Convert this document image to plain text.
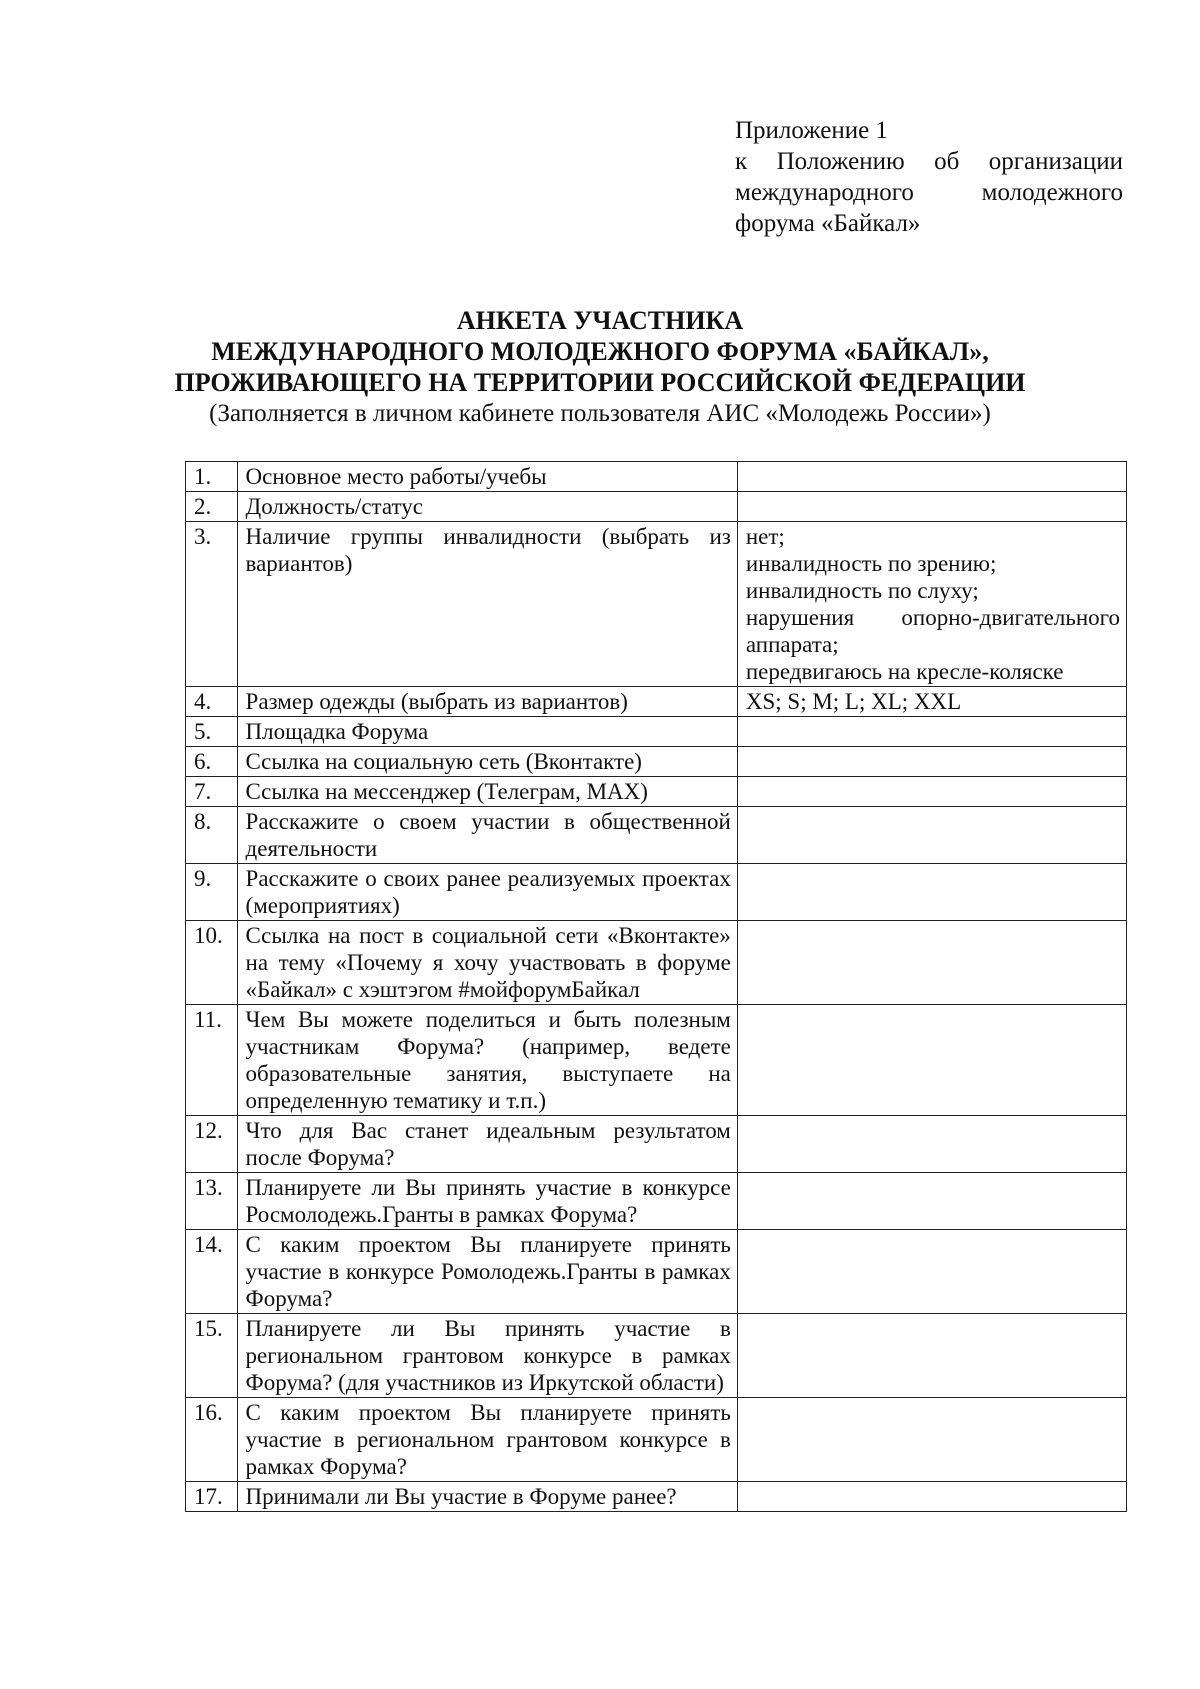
Приложение 1
к Положению об организации
международного молодежного
форума «Байкал»
АНКЕТА УЧАСТНИКА
МЕЖДУНАРОДНОГО МОЛОДЕЖНОГО ФОРУМА «БАЙКАЛ»,
ПРОЖИВАЮЩЕГО НА ТЕРРИТОРИИ РОССИЙСКОЙ ФЕДЕРАЦИИ
(Заполняется в личном кабинете пользователя АИС «Молодежь России»)
1.	Основное место работы/учебы	
2.	Должность/статус	
3.	Наличие группы инвалидности (выбрать из вариантов)	нет;
инвалидность по зрению;
инвалидность по слуху;
нарушения опорно-двигательного аппарата;
передвигаюсь на кресле-коляске

4.	Размер одежды (выбрать из вариантов)	XS; S; M; L; XL; XXL
5.	Площадка Форума	
6.	Ссылка на социальную сеть (Вконтакте)	
7.	Ссылка на мессенджер (Телеграм, MAX)	
8.	Расскажите о своем участии в общественной деятельности	
9.	Расскажите о своих ранее реализуемых проектах (мероприятиях)	
10.	Ссылка на пост в социальной сети «Вконтакте» на тему «Почему я хочу участвовать в форуме «Байкал» с хэштэгом #мойфорумБайкал	
11.	Чем Вы можете поделиться и быть полезным участникам Форума? (например, ведете образовательные занятия, выступаете на определенную тематику и т.п.)	
12.	Что для Вас станет идеальным результатом после Форума?	
13.	Планируете ли Вы принять участие в конкурсе Росмолодежь.Гранты в рамках Форума?	
14.	С каким проектом Вы планируете принять участие в конкурсе Ромолодежь.Гранты в рамках Форума?	
15.	Планируете ли Вы принять участие в региональном грантовом конкурсе в рамках Форума? (для участников из Иркутской области)	
16.	С каким проектом Вы планируете принять участие в региональном грантовом конкурсе в рамках Форума?	
17.	Принимали ли Вы участие в Форуме ранее?	
